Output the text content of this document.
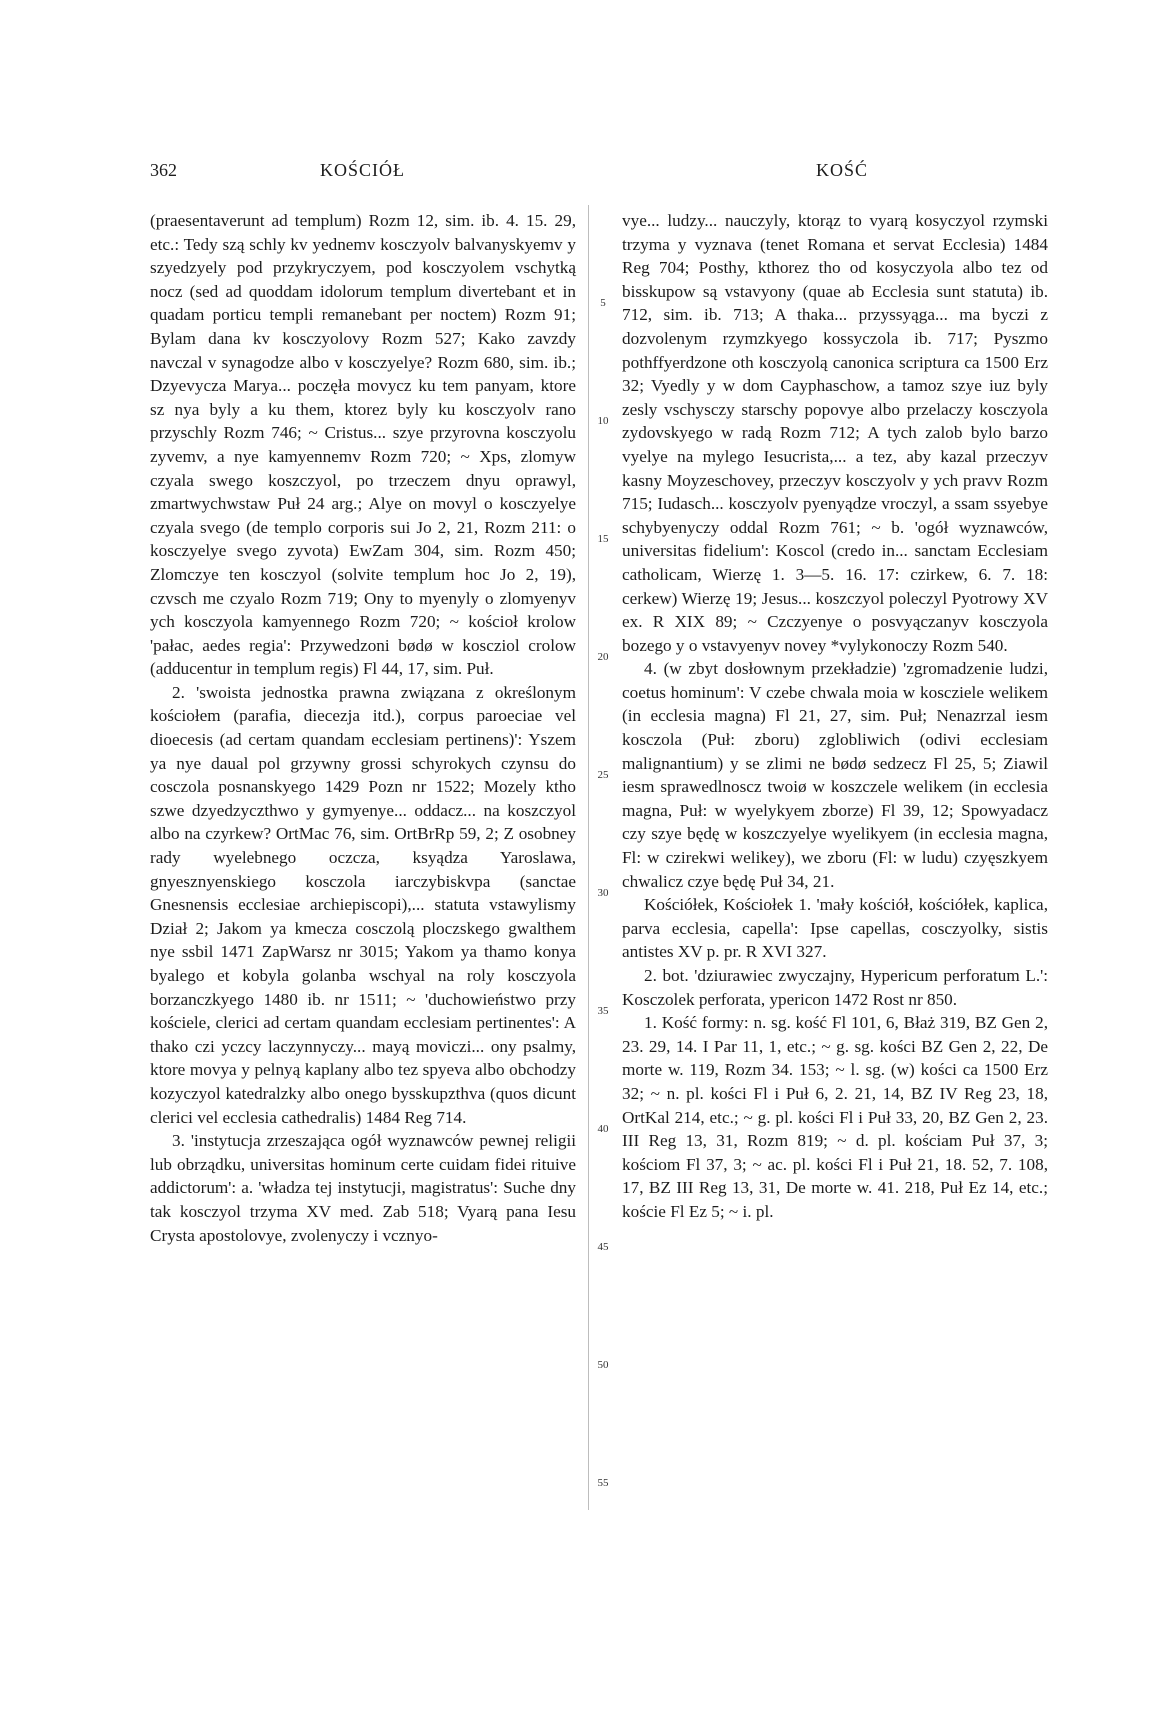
362	KOŚCIÓŁ	KOŚĆ

(praesentaverunt ad templum) Rozm 12, sim. ib. 4. 15. 29, etc.: Tedy szą schly kv yednemv kosczyolv balvanyskyemv y szyedzyely pod przykryczyem, pod kosczyolem vschytką nocz (sed ad quoddam idolorum templum divertebant et in quadam porticu templi remanebant per noctem) Rozm 91; Bylam dana kv kosczyolovy Rozm 527; Kako zavzdy navczal v synagodze albo v kosczyelye? Rozm 680, sim. ib.; Dzyevycza Marya... poczęła movycz ku tem panyam, ktore sz nya byly a ku them, ktorez byly ku kosczyolv rano przyschly Rozm 746; ~ Cristus... szye przyrovna kosczyolu zyvemv, a nye kamyennemv Rozm 720; ~ Xps, zlomyw czyala swego koszczyol, po trzeczem dnyu oprawyl, zmartwychwstaw Puł 24 arg.; Alye on movyl o kosczyelye czyala svego (de templo corporis sui Jo 2, 21, Rozm 211: o kosczyelye svego zyvota) EwZam 304, sim. Rozm 450; Zlomczye ten kosczyol (solvite templum hoc Jo 2, 19), czvsch me czyalo Rozm 719; Ony to myenyly o zlomyenyv ych kosczyola kamyennego Rozm 720; ~ kościoł krolow 'pałac, aedes regia': Przywedzoni bødø w koscziol crolow (adducentur in templum regis) Fl 44, 17, sim. Puł.

2. 'swoista jednostka prawna związana z określonym kościołem (parafia, diecezja itd.), corpus paroeciae vel dioecesis (ad certam quandam ecclesiam pertinens)': Yszem ya nye daual pol grzywny grossi schyrokych czynsu do cosczola posnanskyego 1429 Pozn nr 1522; Mozely ktho szwe dzyedzyczthwo y gymyenye... oddacz... na koszczyol albo na czyrkew? OrtMac 76, sim. OrtBrRp 59, 2; Z osobney rady wyelebnego oczcza, ksyądza Yaroslawa, gnyesznyenskiego kosczola iarczybiskvpa (sanctae Gnesnensis ecclesiae archiepiscopi),... statuta vstawylismy Dział 2; Jakom ya kmecza cosczolą ploczskego gwalthem nye ssbil 1471 ZapWarsz nr 3015; Yakom ya thamo konya byalego et kobyla golanba wschyal na roly kosczyola borzanczkyego 1480 ib. nr 1511; ~ 'duchowieństwo przy kościele, clerici ad certam quandam ecclesiam pertinentes': A thako czi yczcy laczynnyczy... mayą moviczi... ony psalmy, ktore movya y pelnyą kaplany albo tez spyeva albo obchodzy kozyczyol katedralzky albo onego bysskupzthva (quos dicunt clerici vel ecclesia cathedralis) 1484 Reg 714.

3. 'instytucja zrzeszająca ogół wyznawców pewnej religii lub obrządku, universitas hominum certe cuidam fidei rituive addictorum': a. 'władza tej instytucji, magistratus': Suche dny tak kosczyol trzyma XV med. Zab 518; Vyarą pana Iesu Crysta apostolovye, zvolenyczy i vcznyo-

5
10
15
20
25
30
35
40
45
50
55

vye... ludzy... nauczyly, ktorąz to vyarą kosyczyol rzymski trzyma y vyznava (tenet Romana et servat Ecclesia) 1484 Reg 704; Posthy, kthorez tho od kosyczyola albo tez od bisskupow są vstavyony (quae ab Ecclesia sunt statuta) ib. 712, sim. ib. 713; A thaka... przyssyąga... ma byczi z dozvolenym rzymzkyego kossyczola ib. 717; Pyszmo pothffyerdzone oth kosczyolą canonica scriptura ca 1500 Erz 32; Vyedly y w dom Cayphaschow, a tamoz szye iuz byly zesly vschysczy starschy popovye albo przelaczy kosczyola zydovskyego w radą Rozm 712; A tych zalob bylo barzo vyelye na mylego Iesucrista,... a tez, aby kazal przeczyv kasny Moyzeschovey, przeczyv kosczyolv y ych pravv Rozm 715; Iudasch... kosczyolv pyenyądze vroczyl, a ssam ssyebye schybyenyczy oddal Rozm 761; ~ b. 'ogół wyznawców, universitas fidelium': Koscol (credo in... sanctam Ecclesiam catholicam, Wierzę 1. 3—5. 16. 17: czirkew, 6. 7. 18: cerkew) Wierzę 19; Jesus... koszczyol poleczyl Pyotrowy XV ex. R XIX 89; ~ Czczyenye o posvyączanyv kosczyola bozego y o vstavyenyv novey *vylykonoczy Rozm 540.

4. (w zbyt dosłownym przekładzie) 'zgromadzenie ludzi, coetus hominum': V czebe chwala moia w koscziele welikem (in ecclesia magna) Fl 21, 27, sim. Puł; Nenazrzal iesm kosczola (Puł: zboru) zglobliwich (odivi ecclesiam malignantium) y se zlimi ne bødø sedzecz Fl 25, 5; Ziawil iesm sprawedlnoscz twoiø w koszczele welikem (in ecclesia magna, Puł: w wyelykyem zborze) Fl 39, 12; Spowyadacz czy szye będę w koszczyelye wyelikyem (in ecclesia magna, Fl: w czirekwi welikey), we zboru (Fl: w ludu) czyęszkyem chwalicz czye będę Puł 34, 21.

Kościółek, Kościołek 1. 'mały kościół, kościółek, kaplica, parva ecclesia, capella': Ipse capellas, cosczyolky, sistis antistes XV p. pr. R XVI 327.

2. bot. 'dziurawiec zwyczajny, Hypericum perforatum L.': Kosczolek perforata, ypericon 1472 Rost nr 850.

1. Kość formy: n. sg. kość Fl 101, 6, Błaż 319, BZ Gen 2, 23. 29, 14. I Par 11, 1, etc.; ~ g. sg. kości BZ Gen 2, 22, De morte w. 119, Rozm 34. 153; ~ l. sg. (w) kości ca 1500 Erz 32; ~ n. pl. kości Fl i Puł 6, 2. 21, 14, BZ IV Reg 23, 18, OrtKal 214, etc.; ~ g. pl. kości Fl i Puł 33, 20, BZ Gen 2, 23. III Reg 13, 31, Rozm 819; ~ d. pl. kościam Puł 37, 3; kościom Fl 37, 3; ~ ac. pl. kości Fl i Puł 21, 18. 52, 7. 108, 17, BZ III Reg 13, 31, De morte w. 41. 218, Puł Ez 14, etc.; koście Fl Ez 5; ~ i. pl.
